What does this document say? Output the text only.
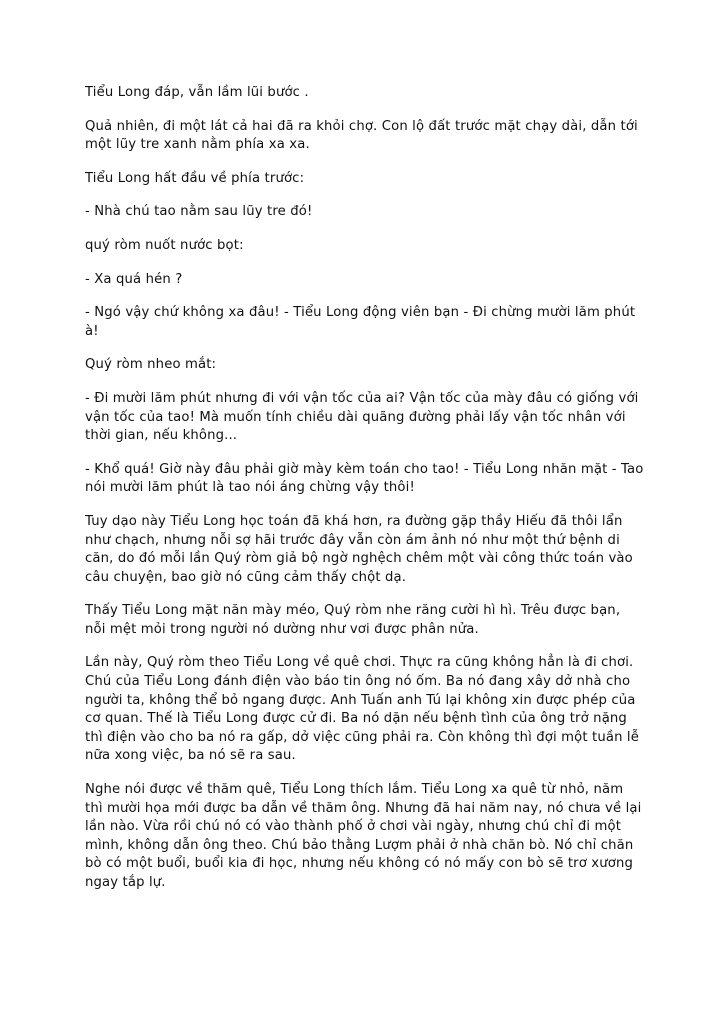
Tiểu Long đáp, vẫn lầm lũi bước .

Quả nhiên, đi một lát cả hai đã ra khỏi chợ. Con lộ đất trước mặt chạy dài, dẫn tới một lũy tre xanh nằm phía xa xa.

Tiểu Long hất đầu về phía trước:

- Nhà chú tao nằm sau lũy tre đó!

quý ròm nuốt nước bọt:

- Xa quá hén ?

- Ngó vậy chứ không xa đâu! - Tiểu Long động viên bạn - Đi chừng mười lăm phút à!

Quý ròm nheo mắt:

- Đi mười lăm phút nhưng đi với vận tốc của ai? Vận tốc của mày đâu có giống với vận tốc của tao! Mà muốn tính chiều dài quãng đường phải lấy vận tốc nhân với thời gian, nếu không...

- Khổ quá! Giờ này đâu phải giờ mày kèm toán cho tao! - Tiểu Long nhăn mặt - Tao nói mười lăm phút là tao nói áng chừng vậy thôi!

Tuy dạo này Tiểu Long học toán đã khá hơn, ra đường gặp thầy Hiếu đã thôi lẩn như chạch, nhưng nỗi sợ hãi trước đây vẫn còn ám ảnh nó như một thứ bệnh di căn, do đó mỗi lần Quý ròm giả bộ ngờ nghệch chêm một vài công thức toán vào câu chuyện, bao giờ nó cũng cảm thấy chột dạ.

Thấy Tiểu Long mặt năn mày méo, Quý ròm nhe răng cười hì hì. Trêu được bạn, nỗi mệt mỏi trong người nó dường như vơi được phân nửa.

Lần này, Quý ròm theo Tiểu Long về quê chơi. Thực ra cũng không hẳn là đi chơi. Chú của Tiểu Long đánh điện vào báo tin ông nó ốm. Ba nó đang xây dở nhà cho người ta, không thể bỏ ngang được. Anh Tuấn anh Tú lại không xin được phép của cơ quan. Thế là Tiểu Long được cử đi. Ba nó dặn nếu bệnh tình của ông trở nặng thì điện vào cho ba nó ra gấp, dở việc cũng phải ra. Còn không thì đợi một tuần lễ nữa xong việc, ba nó sẽ ra sau.

Nghe nói được về thăm quê, Tiểu Long thích lắm. Tiểu Long xa quê từ nhỏ, năm thì mười họa mới được ba dẫn về thăm ông. Nhưng đã hai năm nay, nó chưa về lại lần nào. Vừa rồi chú nó có vào thành phố ở chơi vài ngày, nhưng chú chỉ đi một mình, không dẫn ông theo. Chú bảo thằng Lượm phải ở nhà chăn bò. Nó chỉ chăn bò có một buổi, buổi kia đi học, nhưng nếu không có nó mấy con bò sẽ trơ xương ngay tắp lự.
